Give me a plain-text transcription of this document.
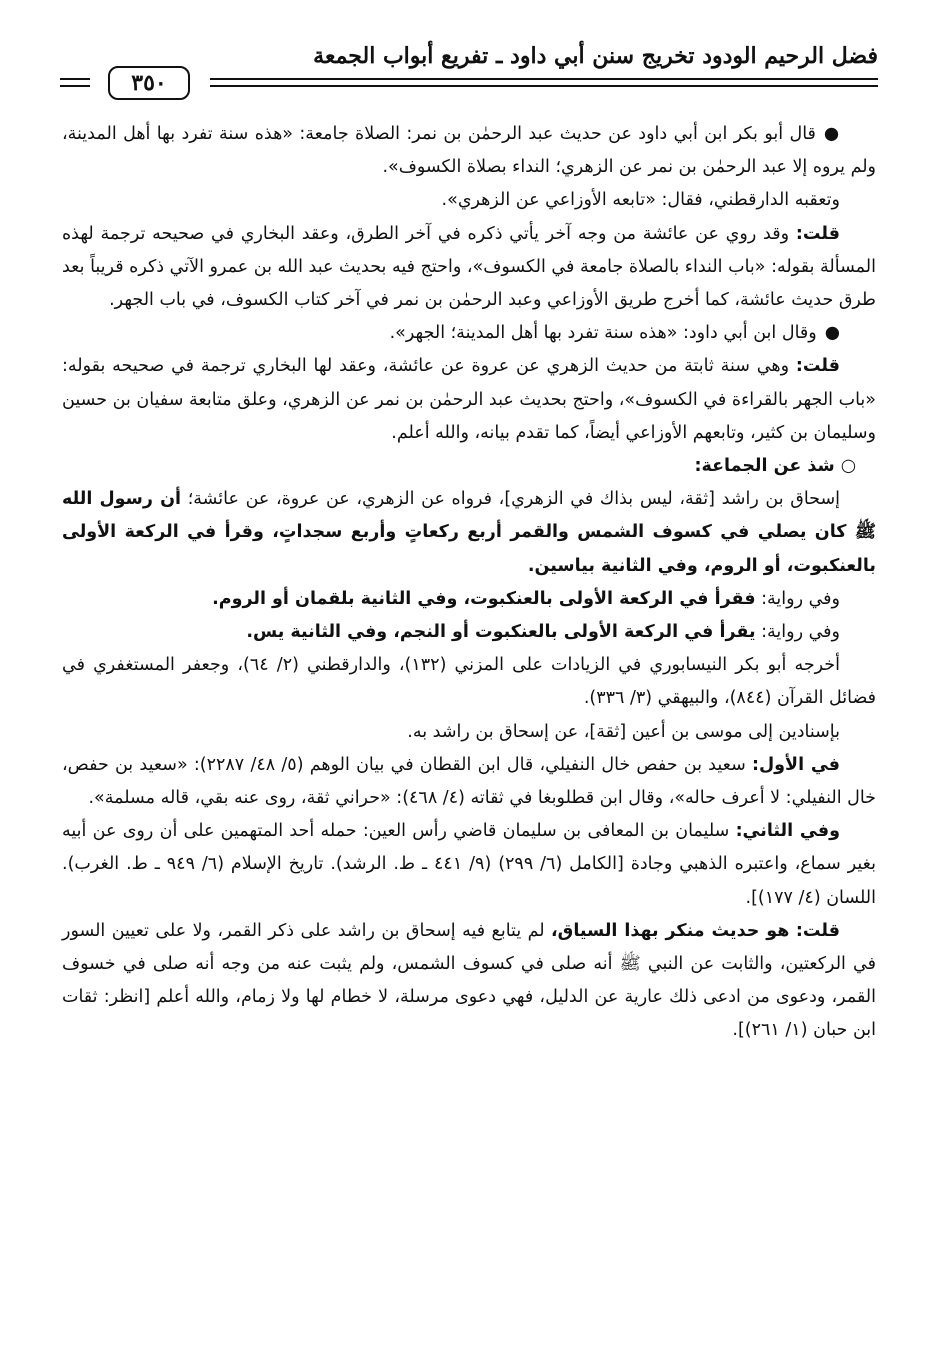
فضل الرحيم الودود تخريج سنن أبي داود ـ تفريع أبواب الجمعة
٣٥٠

●قال أبو بكر ابن أبي داود عن حديث عبد الرحمٰن بن نمر: الصلاة جامعة: «هذه سنة تفرد بها أهل المدينة، ولم يروه إلا عبد الرحمٰن بن نمر عن الزهري؛ النداء بصلاة الكسوف».

وتعقبه الدارقطني، فقال: «تابعه الأوزاعي عن الزهري».

قلت: وقد روي عن عائشة من وجه آخر يأتي ذكره في آخر الطرق، وعقد البخاري في صحيحه ترجمة لهذه المسألة بقوله: «باب النداء بالصلاة جامعة في الكسوف»، واحتج فيه بحديث عبد الله بن عمرو الآتي ذكره قريباً بعد طرق حديث عائشة، كما أخرج طريق الأوزاعي وعبد الرحمٰن بن نمر في آخر كتاب الكسوف، في باب الجهر.

●وقال ابن أبي داود: «هذه سنة تفرد بها أهل المدينة؛ الجهر».

قلت: وهي سنة ثابتة من حديث الزهري عن عروة عن عائشة، وعقد لها البخاري ترجمة في صحيحه بقوله: «باب الجهر بالقراءة في الكسوف»، واحتج بحديث عبد الرحمٰن بن نمر عن الزهري، وعلق متابعة سفيان بن حسين وسليمان بن كثير، وتابعهم الأوزاعي أيضاً، كما تقدم بيانه، والله أعلم.

○شذ عن الجماعة:

إسحاق بن راشد [ثقة، ليس بذاك في الزهري]، فرواه عن الزهري، عن عروة، عن عائشة؛ أن رسول الله ﷺ كان يصلي في كسوف الشمس والقمر أربع ركعاتٍ وأربع سجداتٍ، وقرأ في الركعة الأولى بالعنكبوت، أو الروم، وفي الثانية بياسين.

وفي رواية: فقرأ في الركعة الأولى بالعنكبوت، وفي الثانية بلقمان أو الروم.

وفي رواية: يقرأ في الركعة الأولى بالعنكبوت أو النجم، وفي الثانية يس.

أخرجه أبو بكر النيسابوري في الزيادات على المزني (١٣٢)، والدارقطني (٢/ ٦٤)، وجعفر المستغفري في فضائل القرآن (٨٤٤)، والبيهقي (٣/ ٣٣٦).

بإسنادين إلى موسى بن أعين [ثقة]، عن إسحاق بن راشد به.

في الأول: سعيد بن حفص خال النفيلي، قال ابن القطان في بيان الوهم (٥/ ٤٨/ ٢٢٨٧): «سعيد بن حفص، خال النفيلي: لا أعرف حاله»، وقال ابن قطلوبغا في ثقاته (٤/ ٤٦٨): «حراني ثقة، روى عنه بقي، قاله مسلمة».

وفي الثاني: سليمان بن المعافى بن سليمان قاضي رأس العين: حمله أحد المتهمين على أن روى عن أبيه بغير سماع، واعتبره الذهبي وجادة [الكامل (٦/ ٢٩٩) (٩/ ٤٤١ ـ ط. الرشد). تاريخ الإسلام (٦/ ٩٤٩ ـ ط. الغرب). اللسان (٤/ ١٧٧)].

قلت: هو حديث منكر بهذا السياق، لم يتابع فيه إسحاق بن راشد على ذكر القمر، ولا على تعيين السور في الركعتين، والثابت عن النبي ﷺ أنه صلى في كسوف الشمس، ولم يثبت عنه من وجه أنه صلى في خسوف القمر، ودعوى من ادعى ذلك عارية عن الدليل، فهي دعوى مرسلة، لا خطام لها ولا زمام، والله أعلم [انظر: ثقات ابن حبان (١/ ٢٦١)].
